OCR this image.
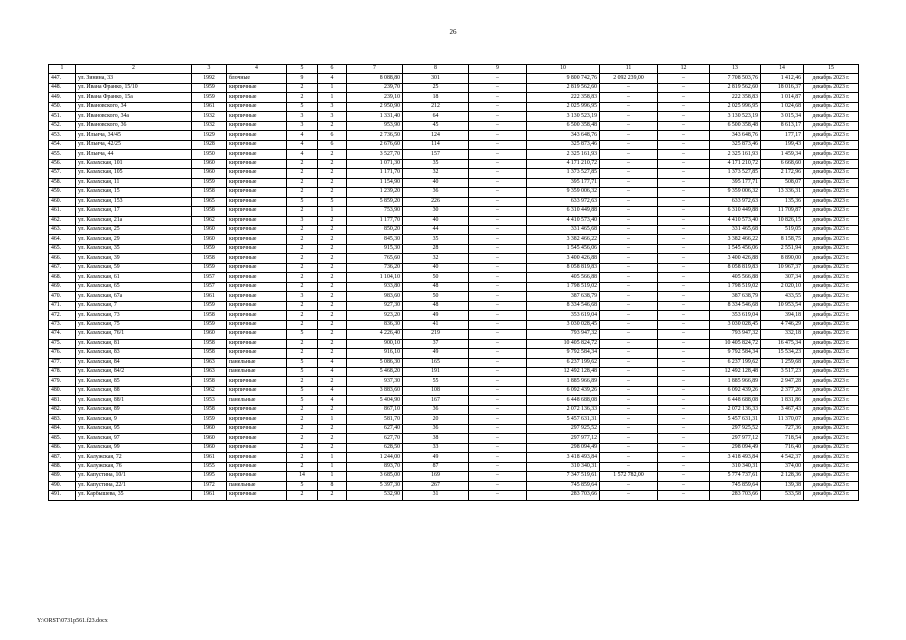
26
1	2	3	4	5	6	7	8	9	10	11	12	13	14	15
447.	ул. Зинина, 33	1992	блочные	9	4	8 088,80	301	–	9 800 742,76	2 092 239,00	–	7 708 503,76	1 412,46	декабрь 2023 г.
448.	ул. Ивана Франко, 15/10	1959	кирпичные	2	1	239,70	25	–	2 819 562,60	–	–	2 819 562,60	18 016,37	декабрь 2023 г.
449.	ул. Ивана Франко, 15а	1959	кирпичные	2	1	239,10	18	–	222 358,83	–	–	222 358,83	1 014,87	декабрь 2023 г.
450.	ул. Ивановского, 34	1961	кирпичные	5	3	2 950,90	212	–	2 025 996,95	–	–	2 025 996,95	1 024,68	декабрь 2023 г.
451.	ул. Ивановского, 34а	1932	кирпичные	3	3	1 331,40	64	–	3 130 523,19	–	–	3 130 523,19	3 015,34	декабрь 2023 г.
452.	ул. Ивановского, 36	1932	кирпичные	3	2	953,90	45	–	6 500 358,48	–	–	6 500 358,48	8 613,17	декабрь 2023 г.
453.	ул. Ильича, 34/45	1929	кирпичные	4	6	2 736,50	124	–	343 648,76	–	–	343 648,76	177,17	декабрь 2023 г.
454.	ул. Ильича, 42/25	1928	кирпичные	4	6	2 676,60	114	–	325 873,46	–	–	325 873,46	199,43	декабрь 2023 г.
455.	ул. Ильича, 44	1950	кирпичные	4	2	3 527,70	157	–	2 325 161,93	–	–	2 325 161,93	1 459,34	декабрь 2023 г.
456.	ул. Казахская, 101	1960	кирпичные	2	2	1 071,30	35	–	4 171 210,72	–	–	4 171 210,72	6 668,60	декабрь 2023 г.
457.	ул. Казахская, 105	1960	кирпичные	2	2	1 171,70	32	–	1 373 527,85	–	–	1 373 527,85	2 172,96	декабрь 2023 г.
458.	ул. Казахская, 11	1959	кирпичные	2	2	1 154,90	40	–	395 177,71	–	–	395 177,71	508,07	декабрь 2023 г.
459.	ул. Казахская, 15	1958	кирпичные	2	2	1 239,20	36	–	9 359 006,32	–	–	9 359 006,32	13 336,31	декабрь 2023 г.
460.	ул. Казахская, 153	1965	кирпичные	5	5	5 859,20	226	–	633 972,63	–	–	633 972,63	135,36	декабрь 2023 г.
461.	ул. Казахская, 17	1958	кирпичные	2	1	753,90	30	–	6 310 449,88	–	–	6 310 449,88	11 709,87	декабрь 2023 г.
462.	ул. Казахская, 21а	1962	кирпичные	3	2	1 177,70	40	–	4 410 573,40	–	–	4 410 573,40	10 826,15	декабрь 2023 г.
463.	ул. Казахская, 25	1960	кирпичные	2	2	850,20	44	–	331 465,68	–	–	331 465,68	519,05	декабрь 2023 г.
464.	ул. Казахская, 29	1960	кирпичные	2	2	845,30	35	–	3 382 466,22	–	–	3 382 466,22	8 158,75	декабрь 2023 г.
465.	ул. Казахская, 35	1959	кирпичные	2	2	915,30	28	–	1 545 456,06	–	–	1 545 456,06	2 551,94	декабрь 2023 г.
466.	ул. Казахская, 39	1958	кирпичные	2	2	765,60	32	–	3 400 426,88	–	–	3 400 426,88	8 890,00	декабрь 2023 г.
467.	ул. Казахская, 59	1959	кирпичные	2	2	736,20	40	–	8 058 819,83	–	–	8 058 819,83	10 967,37	декабрь 2023 г.
468.	ул. Казахская, 61	1957	кирпичные	2	2	1 104,10	50	–	405 566,88	–	–	405 566,88	307,34	декабрь 2023 г.
469.	ул. Казахская, 65	1957	кирпичные	2	2	933,80	48	–	1 798 519,02	–	–	1 798 519,02	2 020,10	декабрь 2023 г.
470.	ул. Казахская, 67а	1961	кирпичные	3	2	983,60	50	–	387 638,79	–	–	387 638,79	433,55	декабрь 2023 г.
471.	ул. Казахская, 7	1959	кирпичные	2	2	927,30	48	–	8 334 546,68	–	–	8 334 546,68	10 953,54	декабрь 2023 г.
472.	ул. Казахская, 73	1958	кирпичные	2	2	923,20	49	–	353 619,04	–	–	353 619,04	394,18	декабрь 2023 г.
473.	ул. Казахская, 75	1959	кирпичные	2	2	836,30	41	–	3 030 028,45	–	–	3 030 028,45	4 746,29	декабрь 2023 г.
474.	ул. Казахская, 76/1	1960	кирпичные	5	2	4 226,40	219	–	793 947,32	–	–	793 947,32	332,18	декабрь 2023 г.
475.	ул. Казахская, 81	1958	кирпичные	2	2	900,10	37	–	10 405 824,72	–	–	10 405 824,72	16 475,34	декабрь 2023 г.
476.	ул. Казахская, 83	1958	кирпичные	2	2	916,10	49	–	9 792 584,34	–	–	9 792 584,34	15 534,23	декабрь 2023 г.
477.	ул. Казахская, 84	1963	панельные	5	4	5 086,30	165	–	6 237 199,62	–	–	6 237 199,62	1 259,68	декабрь 2023 г.
478.	ул. Казахская, 84/2	1963	панельные	5	4	5 468,20	191	–	12 492 128,48	–	–	12 492 128,48	3 517,23	декабрь 2023 г.
479.	ул. Казахская, 85	1958	кирпичные	2	2	937,30	55	–	1 885 966,89	–	–	1 885 966,89	2 947,28	декабрь 2023 г.
480.	ул. Казахская, 88	1962	кирпичные	5	4	3 883,60	108	–	6 092 439,26	–	–	6 092 439,26	2 377,26	декабрь 2023 г.
481.	ул. Казахская, 88/1	1953	панельные	5	4	5 404,90	167	–	6 448 688,08	–	–	6 448 688,08	1 831,86	декабрь 2023 г.
482.	ул. Казахская, 89	1958	кирпичные	2	2	867,10	36	–	2 072 136,33	–	–	2 072 136,33	3 467,43	декабрь 2023 г.
483.	ул. Казахская, 9	1959	кирпичные	2	1	581,70	20	–	5 457 631,31	–	–	5 457 631,31	11 370,07	декабрь 2023 г.
484.	ул. Казахская, 95	1960	кирпичные	2	2	627,40	36	–	297 925,52	–	–	297 925,52	727,36	декабрь 2023 г.
485.	ул. Казахская, 97	1960	кирпичные	2	2	627,70	38	–	297 977,12	–	–	297 977,12	718,54	декабрь 2023 г.
486.	ул. Казахская, 99	1960	кирпичные	2	2	628,50	33	–	298 094,49	–	–	298 094,49	716,40	декабрь 2023 г.
487.	ул. Калужская, 72	1961	кирпичные	2	1	1 244,00	49	–	3 418 493,84	–	–	3 418 493,84	4 542,37	декабрь 2023 г.
488.	ул. Калужская, 76	1955	кирпичные	2	1	893,70	87	–	310 340,31	–	–	310 340,31	374,00	декабрь 2023 г.
489.	ул. Капустина, 10/1	1995	кирпичные	14	1	3 685,00	169	–	7 347 519,61	1 572 782,00	–	5 774 737,61	2 128,36	декабрь 2023 г.
490.	ул. Капустина, 22/1	1972	панельные	5	8	5 397,30	267	–	745 859,64	–	–	745 859,64	139,38	декабрь 2023 г.
491.	ул. Карбышева, 35	1961	кирпичные	2	2	532,90	31	–	283 703,66	–	–	283 703,66	533,58	декабрь 2023 г.
Y:\ORST\0731p561.f23.docx
